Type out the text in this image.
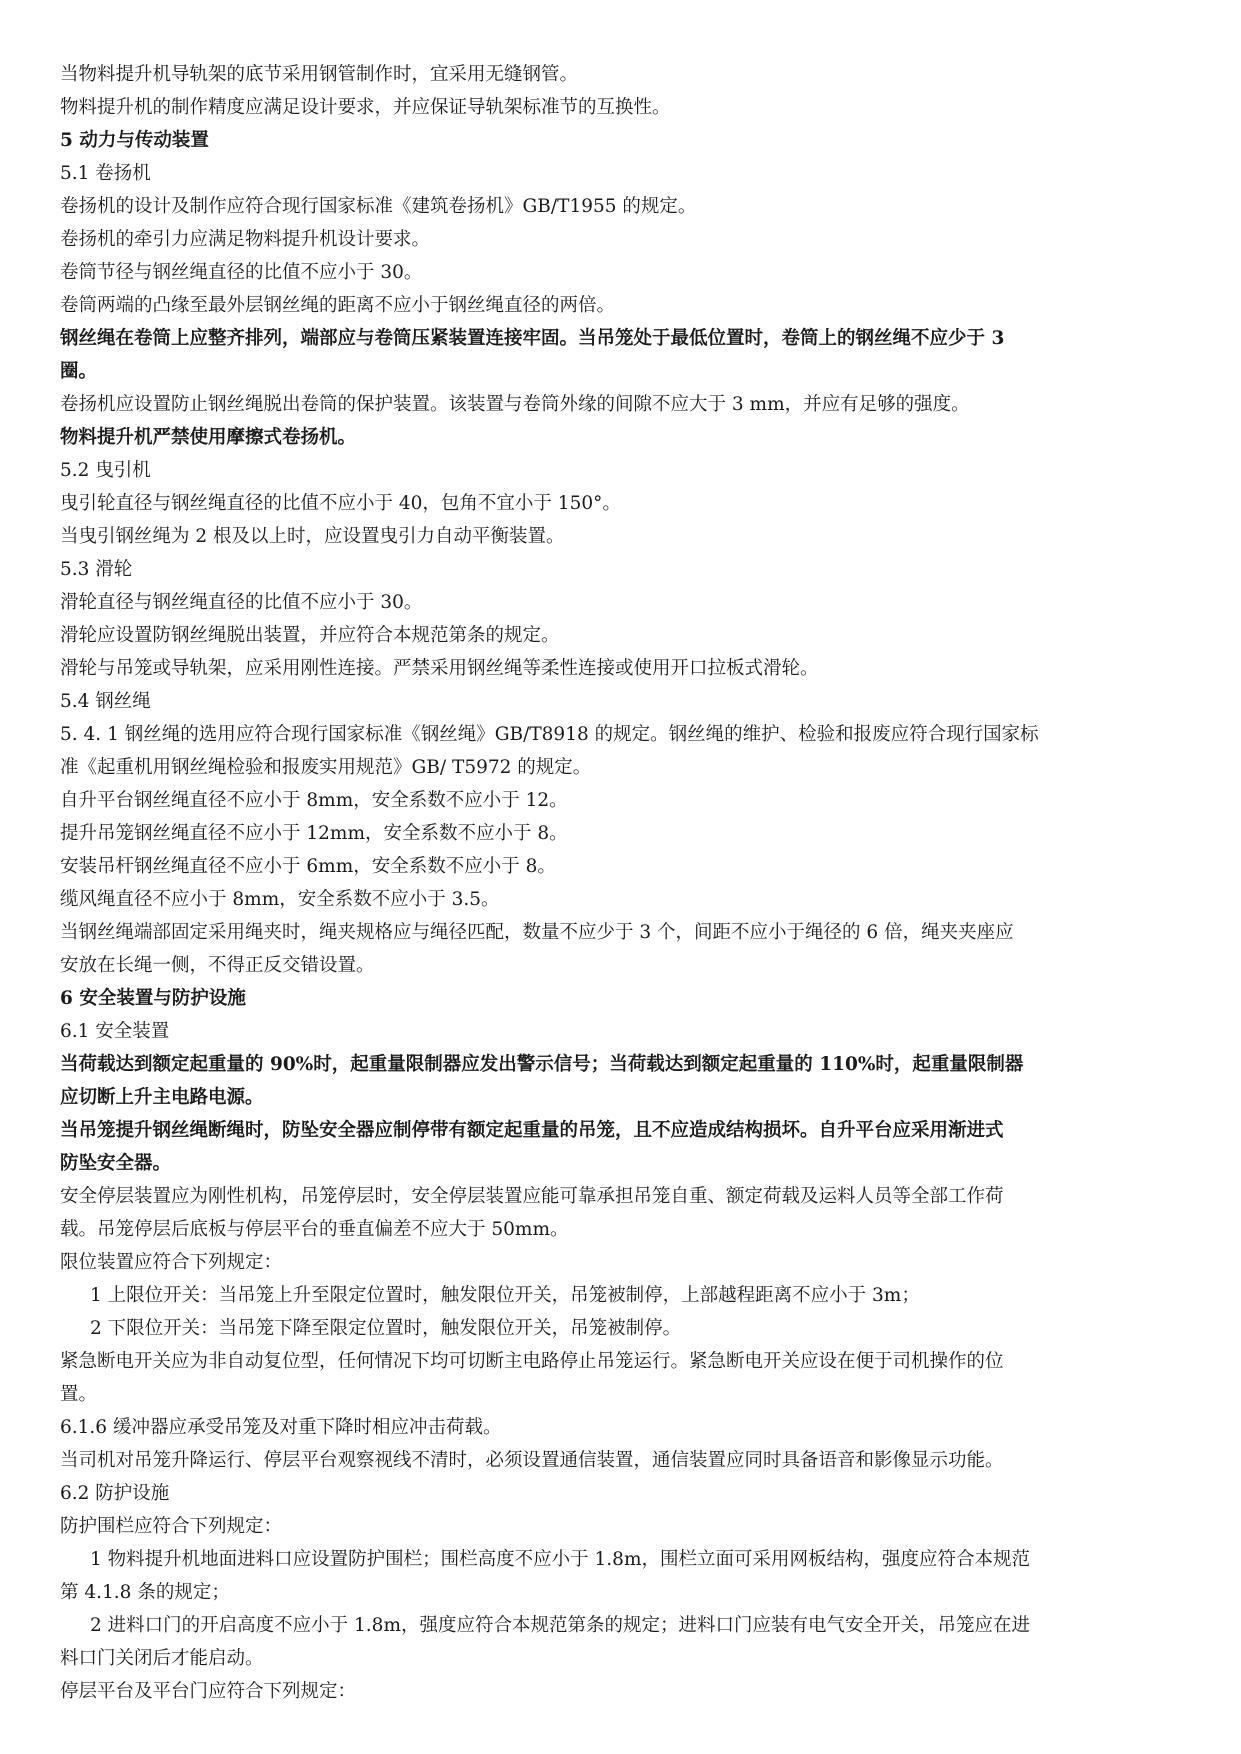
当物料提升机导轨架的底节采用钢管制作时，宜采用无缝钢管。
物料提升机的制作精度应满足设计要求，并应保证导轨架标准节的互换性。
5 动力与传动装置
5.1 卷扬机
卷扬机的设计及制作应符合现行国家标准《建筑卷扬机》GB/T1955 的规定。
卷扬机的牵引力应满足物料提升机设计要求。
卷筒节径与钢丝绳直径的比值不应小于 30。
卷筒两端的凸缘至最外层钢丝绳的距离不应小于钢丝绳直径的两倍。
钢丝绳在卷筒上应整齐排列，端部应与卷筒压紧装置连接牢固。当吊笼处于最低位置时，卷筒上的钢丝绳不应少于 3
圈。
卷扬机应设置防止钢丝绳脱出卷筒的保护装置。该装置与卷筒外缘的间隙不应大于 3 mm，并应有足够的强度。
物料提升机严禁使用摩擦式卷扬机。
5.2 曳引机
曳引轮直径与钢丝绳直径的比值不应小于 40，包角不宜小于 150°。
当曳引钢丝绳为 2 根及以上时，应设置曳引力自动平衡装置。
5.3 滑轮
滑轮直径与钢丝绳直径的比值不应小于 30。
滑轮应设置防钢丝绳脱出装置，并应符合本规范第条的规定。
滑轮与吊笼或导轨架，应采用刚性连接。严禁采用钢丝绳等柔性连接或使用开口拉板式滑轮。
5.4 钢丝绳
5. 4. 1 钢丝绳的选用应符合现行国家标准《钢丝绳》GB/T8918 的规定。钢丝绳的维护、检验和报废应符合现行国家标
准《起重机用钢丝绳检验和报废实用规范》GB/ T5972 的规定。
自升平台钢丝绳直径不应小于 8mm，安全系数不应小于 12。
提升吊笼钢丝绳直径不应小于 12mm，安全系数不应小于 8。
安装吊杆钢丝绳直径不应小于 6mm，安全系数不应小于 8。
缆风绳直径不应小于 8mm，安全系数不应小于 3.5。
当钢丝绳端部固定采用绳夹时，绳夹规格应与绳径匹配，数量不应少于 3 个，间距不应小于绳径的 6 倍，绳夹夹座应
安放在长绳一侧，不得正反交错设置。
6 安全装置与防护设施
6.1 安全装置
当荷载达到额定起重量的 90%时，起重量限制器应发出警示信号；当荷载达到额定起重量的 110%时，起重量限制器
应切断上升主电路电源。
当吊笼提升钢丝绳断绳时，防坠安全器应制停带有额定起重量的吊笼，且不应造成结构损坏。自升平台应采用渐进式
防坠安全器。
安全停层装置应为刚性机构，吊笼停层时，安全停层装置应能可靠承担吊笼自重、额定荷载及运料人员等全部工作荷
载。吊笼停层后底板与停层平台的垂直偏差不应大于 50mm。
限位装置应符合下列规定：
1 上限位开关：当吊笼上升至限定位置时，触发限位开关，吊笼被制停，上部越程距离不应小于 3m；
2 下限位开关：当吊笼下降至限定位置时，触发限位开关，吊笼被制停。
紧急断电开关应为非自动复位型，任何情况下均可切断主电路停止吊笼运行。紧急断电开关应设在便于司机操作的位
置。
6.1.6 缓冲器应承受吊笼及对重下降时相应冲击荷载。
当司机对吊笼升降运行、停层平台观察视线不清时，必须设置通信装置，通信装置应同时具备语音和影像显示功能。
6.2 防护设施
防护围栏应符合下列规定：
1 物料提升机地面进料口应设置防护围栏；围栏高度不应小于 1.8m，围栏立面可采用网板结构，强度应符合本规范
第 4.1.8 条的规定；
2 进料口门的开启高度不应小于 1.8m，强度应符合本规范第条的规定；进料口门应装有电气安全开关，吊笼应在进
料口门关闭后才能启动。
停层平台及平台门应符合下列规定：
